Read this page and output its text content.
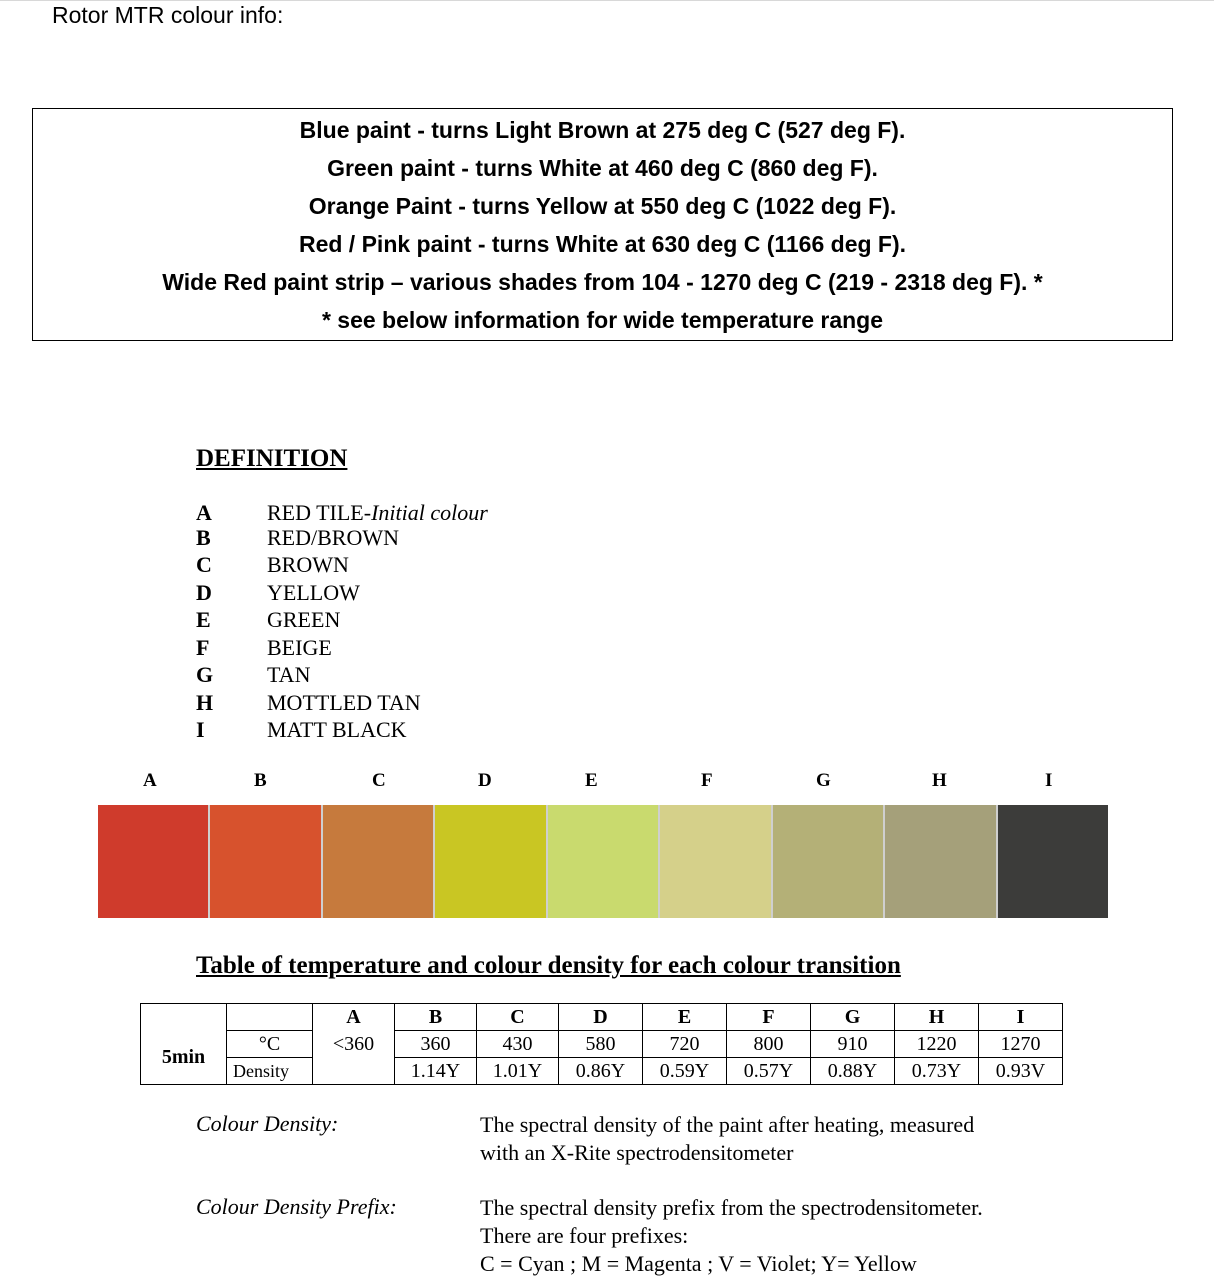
Rotor MTR colour info:
Blue paint - turns Light Brown at 275 deg C (527 deg F).
Green paint - turns White at 460 deg C (860 deg F).
Orange Paint - turns Yellow at 550 deg C (1022 deg F).
Red / Pink paint - turns White at 630 deg C (1166 deg F).
Wide Red paint strip – various shades from 104 - 1270 deg C (219 - 2318 deg F). *
* see below information for wide temperature range
DEFINITION
A	RED TILE-Initial colour
B	RED/BROWN
C	BROWN
D	YELLOW
E	GREEN
F	BEIGE
G TAN
H MOTTLED TAN
I	MATT BLACK
A	B	C	D	E	F	G	H	I
Table of temperature and colour density for each colour transition
		A	B	C	D	E	F	G	H	I
5min	°C	<360	360	430	580	720	800	910	1220	1270
	Density		1.14Y	1.01Y	0.86Y	0.59Y	0.57Y	0.88Y	0.73Y	0.93V
Colour Density:	The spectral density of the paint after heating, measured
with an X-Rite spectrodensitometer
Colour Density Prefix:	The spectral density prefix from the spectrodensitometer.
There are four prefixes:
C = Cyan ; M = Magenta ; V = Violet; Y= Yellow
